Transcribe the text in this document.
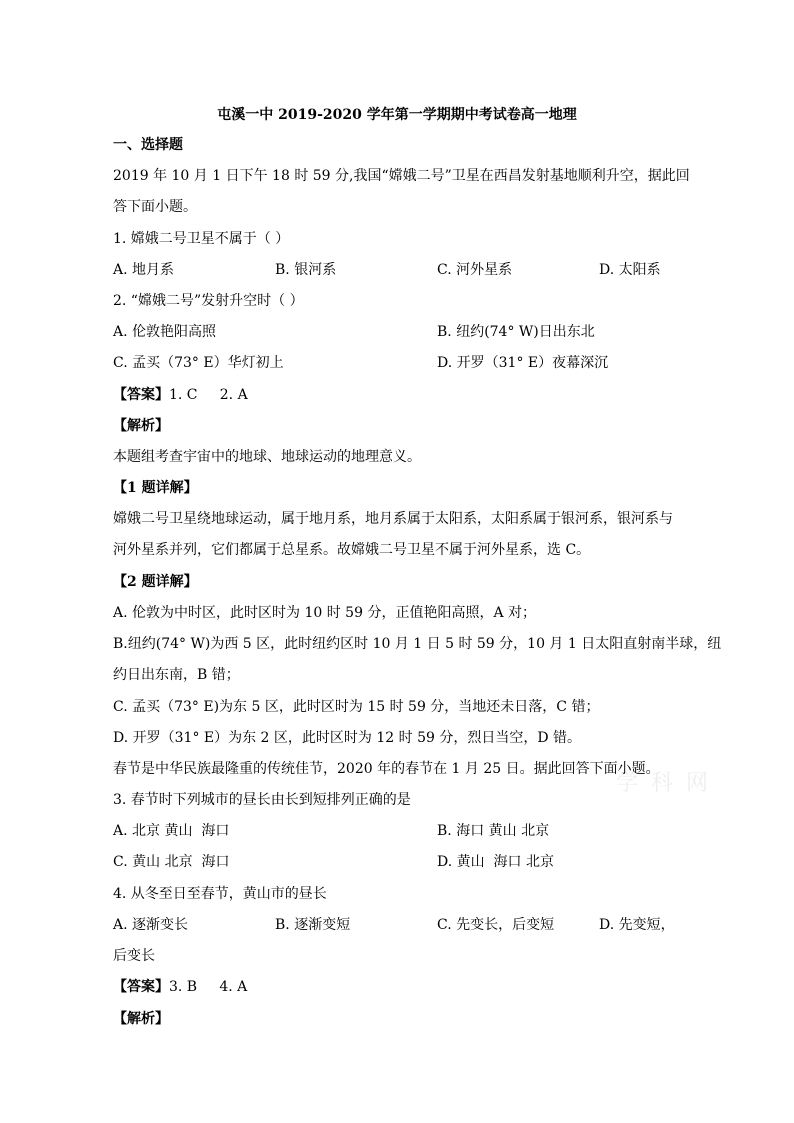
屯溪一中 2019-2020 学年第一学期期中考试卷高一地理
一、选择题
2019 年 10 月 1 日下午 18 时 59 分,我国“嫦娥二号”卫星在西昌发射基地顺利升空，据此回
答下面小题。
1. 嫦娥二号卫星不属于（ ）
A. 地月系	B. 银河系	C. 河外星系	D. 太阳系
2. “嫦娥二号”发射升空时（ ）
A. 伦敦艳阳高照	B. 纽约(74° W)日出东北
C. 孟买（73° E）华灯初上	D. 开罗（31° E）夜幕深沉
【答案】1. C     2. A
【解析】
本题组考查宇宙中的地球、地球运动的地理意义。
【1 题详解】
嫦娥二号卫星绕地球运动，属于地月系，地月系属于太阳系，太阳系属于银河系，银河系与
河外星系并列，它们都属于总星系。故嫦娥二号卫星不属于河外星系，选 C。
【2 题详解】
A. 伦敦为中时区，此时区时为 10 时 59 分，正值艳阳高照，A 对；
B.纽约(74° W)为西 5 区，此时纽约区时 10 月 1 日 5 时 59 分，10 月 1 日太阳直射南半球，纽
约日出东南，B 错；
C. 孟买（73° E)为东 5 区，此时区时为 15 时 59 分，当地还未日落，C 错；
D. 开罗（31° E）为东 2 区，此时区时为 12 时 59 分，烈日当空，D 错。
春节是中华民族最隆重的传统佳节，2020 年的春节在 1 月 25 日。据此回答下面小题。
学 科 网
3. 春节时下列城市的昼长由长到短排列正确的是
A. 北京 黄山  海口	B. 海口 黄山 北京
C. 黄山 北京  海口	D. 黄山  海口 北京
4. 从冬至日至春节，黄山市的昼长
A. 逐渐变长	B. 逐渐变短	C. 先变长，后变短	D. 先变短，
后变长
【答案】3. B     4. A
【解析】
